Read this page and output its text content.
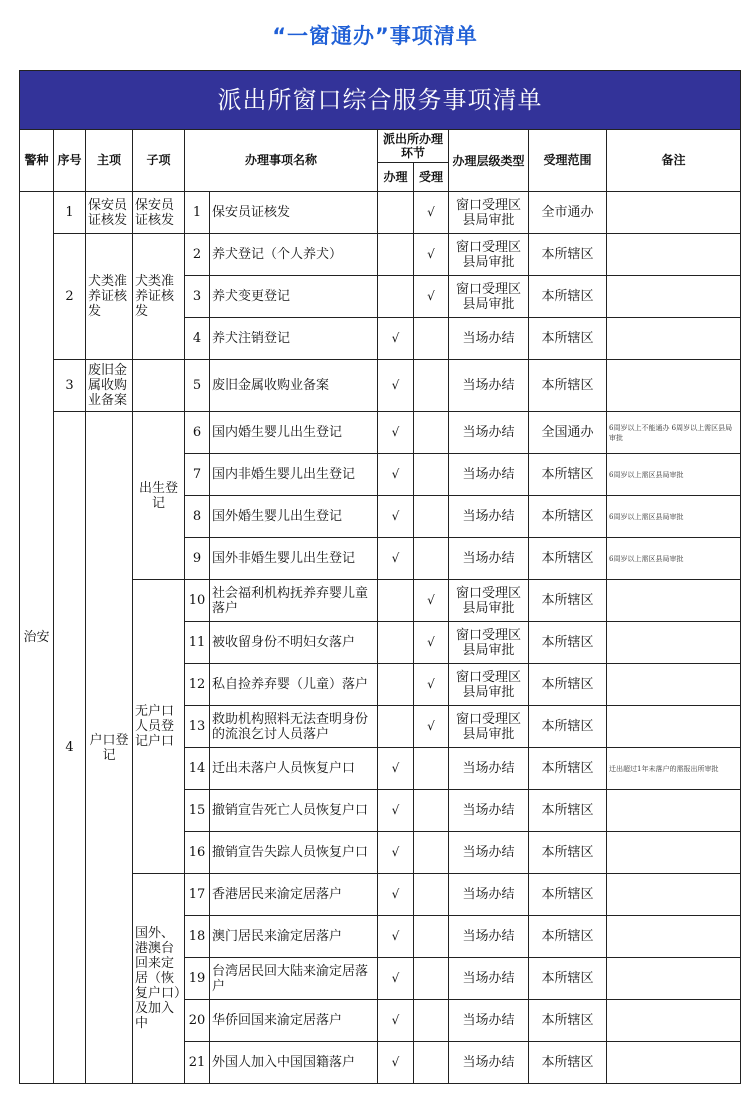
“一窗通办”事项清单
派出所窗口综合服务事项清单										
警种	序号	主项	子项	办理事项名称		派出所办理环节		办理层级类型	受理范围	备注
						办理	受理			
治安	1	保安员证核发	保安员证核发	1	保安员证核发		√	窗口受理区县局审批	全市通办	
	2	犬类准养证核发	犬类准养证核发	2	养犬登记（个人养犬）		√	窗口受理区县局审批	本所辖区	
				3	养犬变更登记		√	窗口受理区县局审批	本所辖区	
				4	养犬注销登记	√		当场办结	本所辖区	
	3	废旧金属收购业备案		5	废旧金属收购业备案	√		当场办结	本所辖区	
	4	户口登记	出生登记	6	国内婚生婴儿出生登记	√		当场办结	全国通办	6周岁以上不能通办 6周岁以上需区县局审批
				7	国内非婚生婴儿出生登记	√		当场办结	本所辖区	6周岁以上需区县局审批
				8	国外婚生婴儿出生登记	√		当场办结	本所辖区	6周岁以上需区县局审批
				9	国外非婚生婴儿出生登记	√		当场办结	本所辖区	6周岁以上需区县局审批
			无户口人员登记户口	10	社会福利机构抚养弃婴儿童落户		√	窗口受理区县局审批	本所辖区	
				11	被收留身份不明妇女落户		√	窗口受理区县局审批	本所辖区	
				12	私自捡养弃婴（儿童）落户		√	窗口受理区县局审批	本所辖区	
				13	救助机构照料无法查明身份的流浪乞讨人员落户		√	窗口受理区县局审批	本所辖区	
				14	迁出未落户人员恢复户口	√		当场办结	本所辖区	迁出超过1年未落户的需报出所审批
				15	撤销宣告死亡人员恢复户口	√		当场办结	本所辖区	
				16	撤销宣告失踪人员恢复户口	√		当场办结	本所辖区	
			国外、港澳台回来定居（恢复户口）及加入中	17	香港居民来渝定居落户	√		当场办结	本所辖区	
				18	澳门居民来渝定居落户	√		当场办结	本所辖区	
				19	台湾居民回大陆来渝定居落户	√		当场办结	本所辖区	
				20	华侨回国来渝定居落户	√		当场办结	本所辖区	
				21	外国人加入中国国籍落户	√		当场办结	本所辖区	
